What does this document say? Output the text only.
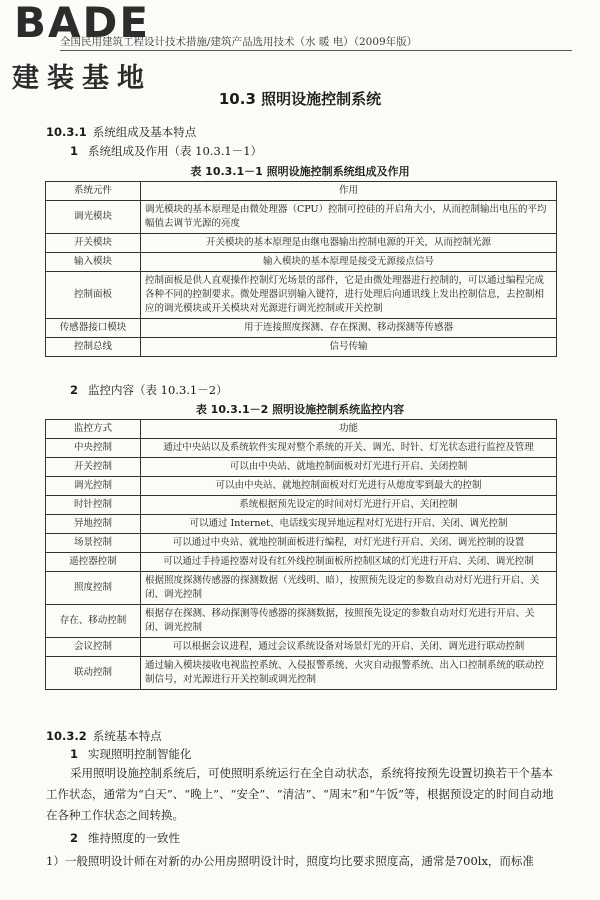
BADE
建装基地
全国民用建筑工程设计技术措施/建筑产品选用技术（水 暖 电）（2009年版）
10.3 照明设施控制系统
10.3.1 系统组成及基本特点
1 系统组成及作用（表 10.3.1－1）
表 10.3.1－1 照明设施控制系统组成及作用
系统元件	作用
调光模块	调光模块的基本原理是由微处理器（CPU）控制可控硅的开启角大小，从而控制输出电压的平均幅值去调节光源的亮度
开关模块	开关模块的基本原理是由继电器输出控制电源的开关，从而控制光源
输入模块	输入模块的基本原理是接受无源接点信号
控制面板	控制面板是供人直观操作控制灯光场景的部件，它是由微处理器进行控制的，可以通过编程完成各种不同的控制要求。微处理器识别输入键符，进行处理后向通讯线上发出控制信息，去控制相应的调光模块或开关模块对光源进行调光控制或开关控制
传感器接口模块	用于连接照度探测、存在探测、移动探测等传感器
控制总线	信号传输
2 监控内容（表 10.3.1－2）
表 10.3.1－2 照明设施控制系统监控内容
监控方式	功能
中央控制	通过中央站以及系统软件实现对整个系统的开关、调光、时针、灯光状态进行监控及管理
开关控制	可以由中央站、就地控制面板对灯光进行开启、关闭控制
调光控制	可以由中央站、就地控制面板对灯光进行从熄度零到最大的控制
时针控制	系统根据预先设定的时间对灯光进行开启、关闭控制
异地控制	可以通过 Internet、电话线实现异地远程对灯光进行开启、关闭、调光控制
场景控制	可以通过中央站、就地控制面板进行编程，对灯光进行开启、关闭、调光控制的设置
遥控器控制	可以通过手持遥控器对设有红外线控制面板所控制区域的灯光进行开启、关闭、调光控制
照度控制	根据照度探测传感器的探测数据（光线明、暗），按照预先设定的参数自动对灯光进行开启、关闭、调光控制
存在、移动控制	根据存在探测、移动探测等传感器的探测数据，按照预先设定的参数自动对灯光进行开启、关闭、调光控制
会议控制	可以根据会议进程，通过会议系统设备对场景灯光的开启、关闭、调光进行联动控制
联动控制	通过输入模块接收电视监控系统、入侵报警系统、火灾自动报警系统、出入口控制系统的联动控制信号，对光源进行开关控制或调光控制
10.3.2 系统基本特点
1 实现照明控制智能化
采用照明设施控制系统后，可使照明系统运行在全自动状态，系统将按预先设置切换若干个基本工作状态，通常为“白天”、“晚上”、“安全”、“清洁”、“周末”和“午饭”等，根据预设定的时间自动地在各种工作状态之间转换。
2 维持照度的一致性
1）一般照明设计师在对新的办公用房照明设计时，照度均比要求照度高，通常是700lx，而标准
